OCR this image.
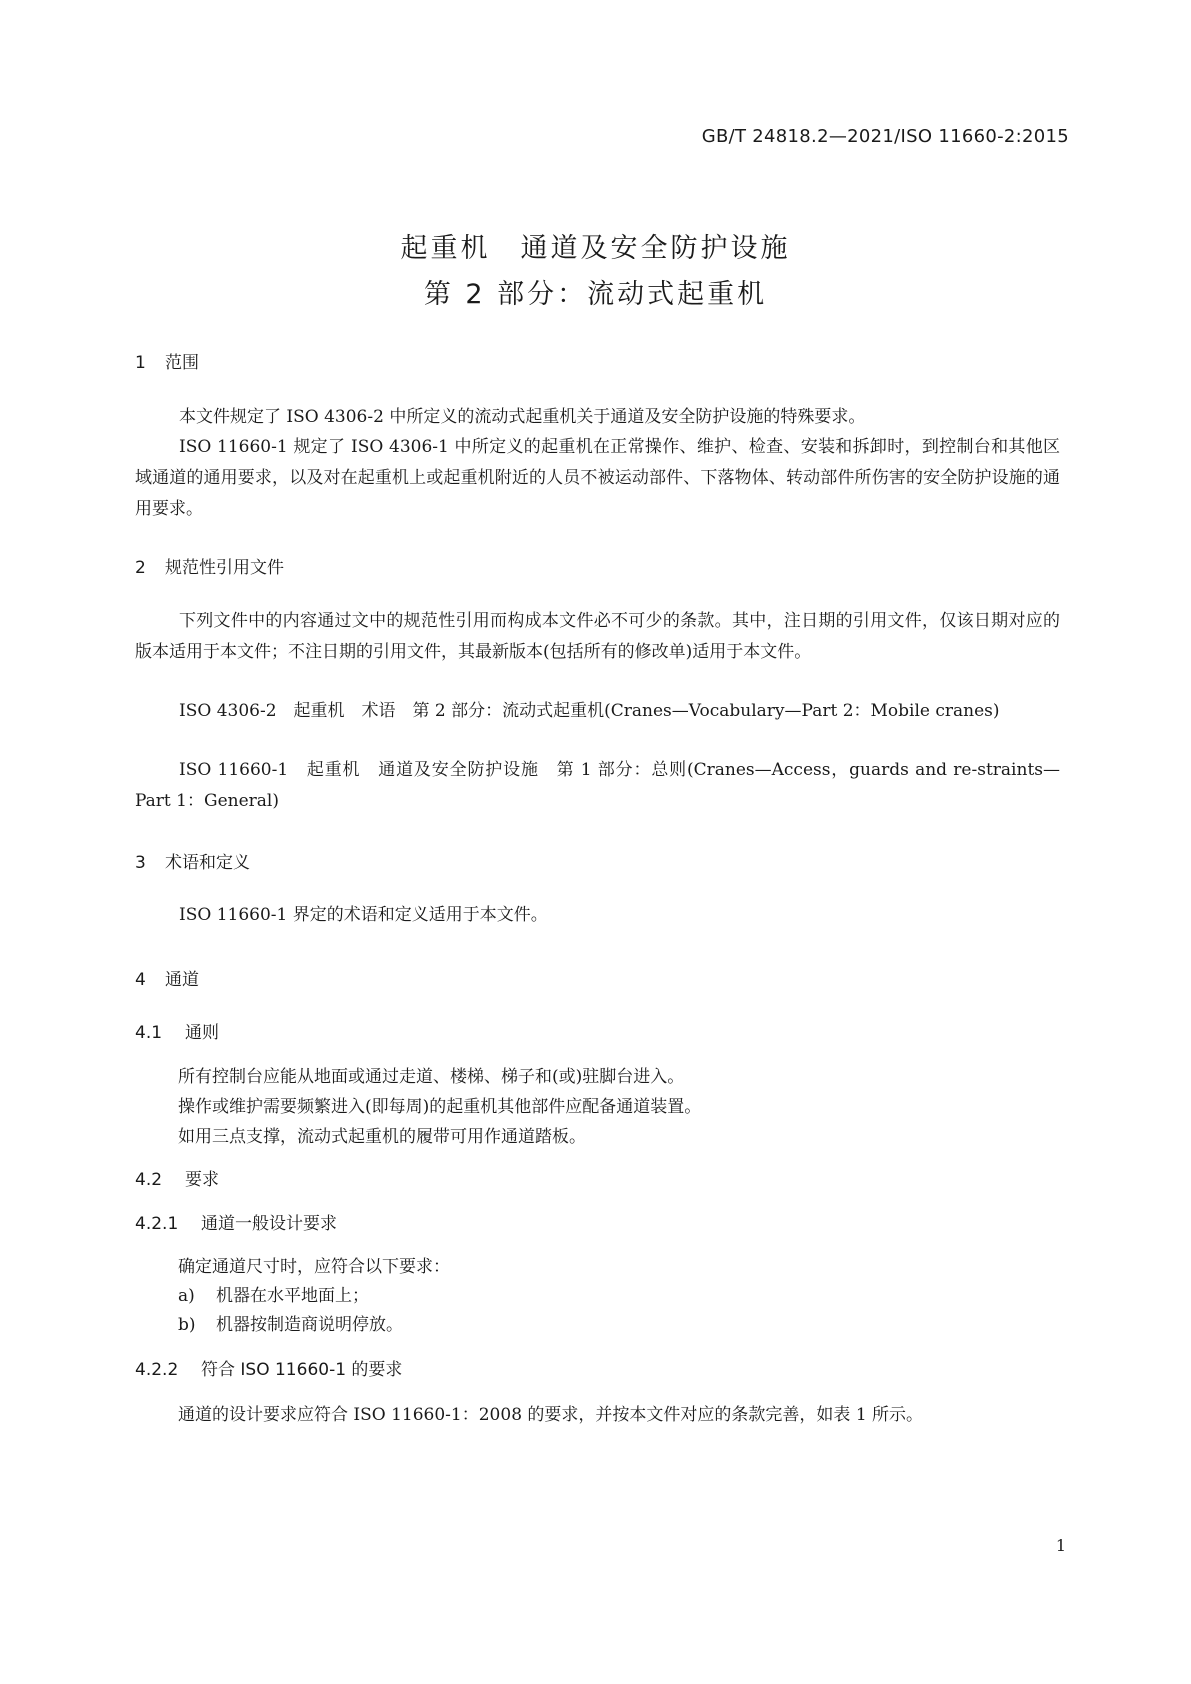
GB/T 24818.2—2021/ISO 11660-2:2015
起重机　通道及安全防护设施
第 2 部分：流动式起重机
1 范围
本文件规定了 ISO 4306-2 中所定义的流动式起重机关于通道及安全防护设施的特殊要求。
ISO 11660-1 规定了 ISO 4306-1 中所定义的起重机在正常操作、维护、检查、安装和拆卸时，到控制台和其他区域通道的通用要求，以及对在起重机上或起重机附近的人员不被运动部件、下落物体、转动部件所伤害的安全防护设施的通用要求。
2 规范性引用文件
下列文件中的内容通过文中的规范性引用而构成本文件必不可少的条款。其中，注日期的引用文件，仅该日期对应的版本适用于本文件；不注日期的引用文件，其最新版本(包括所有的修改单)适用于本文件。
ISO 4306-2　起重机　术语　第 2 部分：流动式起重机(Cranes—Vocabulary—Part 2：Mobile cranes)
ISO 11660-1　起重机　通道及安全防护设施　第 1 部分：总则(Cranes—Access，guards and re-straints—Part 1：General)
3 术语和定义
ISO 11660-1 界定的术语和定义适用于本文件。
4 通道
4.1 通则
所有控制台应能从地面或通过走道、楼梯、梯子和(或)驻脚台进入。
操作或维护需要频繁进入(即每周)的起重机其他部件应配备通道装置。
如用三点支撑，流动式起重机的履带可用作通道踏板。
4.2 要求
4.2.1 通道一般设计要求
确定通道尺寸时，应符合以下要求：
a) 机器在水平地面上；
b) 机器按制造商说明停放。
4.2.2 符合 ISO 11660-1 的要求
通道的设计要求应符合 ISO 11660-1：2008 的要求，并按本文件对应的条款完善，如表 1 所示。
1
